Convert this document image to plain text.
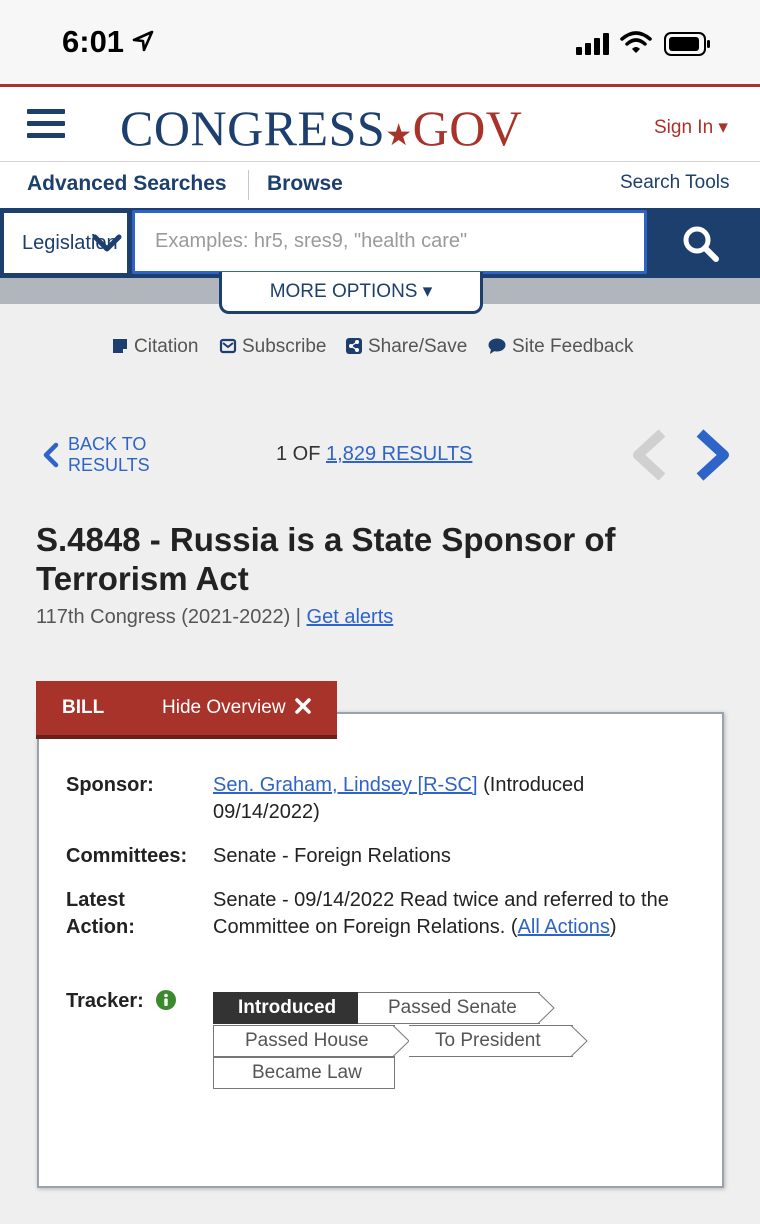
6:01
CONGRESS★GOV	Sign In ▾
Advanced Searches Browse	Search Tools
Legislation
Examples: hr5, sres9, "health care"
MORE OPTIONS ▾
Citation	Subscribe	Share/Save	Site Feedback
BACK TO
RESULTS	1 OF 1,829 RESULTS
S.4848 - Russia is a State Sponsor of Terrorism Act
117th Congress (2021-2022) | Get alerts
BILL	Hide Overview
Sponsor:	Sen. Graham, Lindsey [R-SC] (Introduced 09/14/2022)
Committees: Senate - Foreign Relations
Latest
Action:
Senate - 09/14/2022 Read twice and referred to the Committee on Foreign Relations. (All Actions)
Tracker:	Introduced	Passed Senate
Passed House	To President
Became Law
